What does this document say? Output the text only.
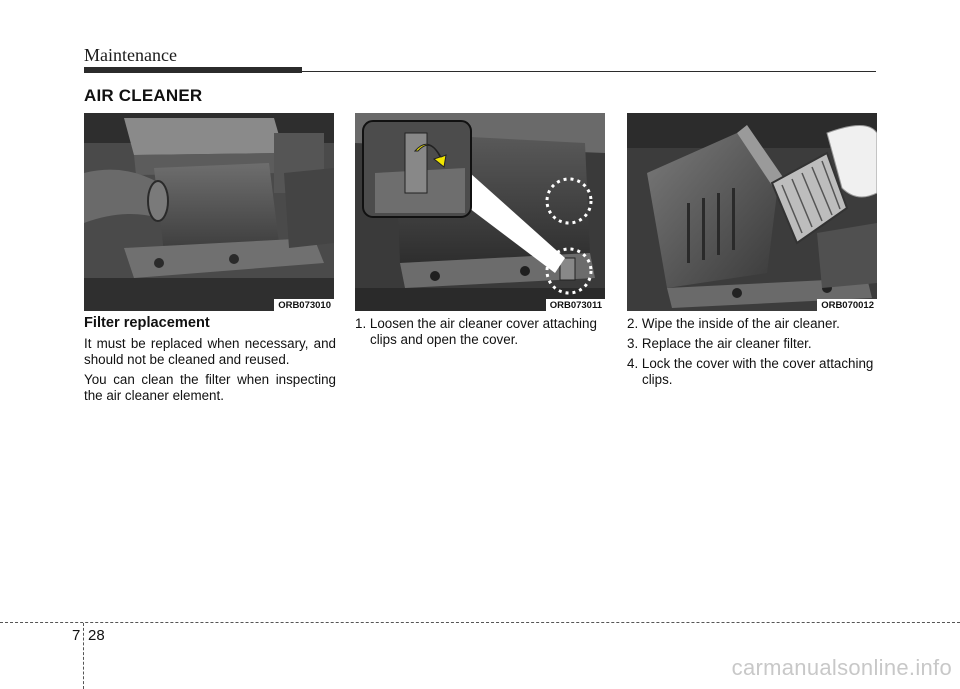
Maintenance
AIR CLEANER
ORB073010	ORB073011	ORB070012
Filter replacement

It must be replaced when necessary, and should not be cleaned and reused.

You can clean the filter when inspecting the air cleaner element.

1. Loosen the air cleaner cover attaching clips and open the cover.

2. Wipe the inside of the air cleaner.

3. Replace the air cleaner filter.

4. Lock the cover with the cover attaching clips.

7 28
carmanualsonline.info
